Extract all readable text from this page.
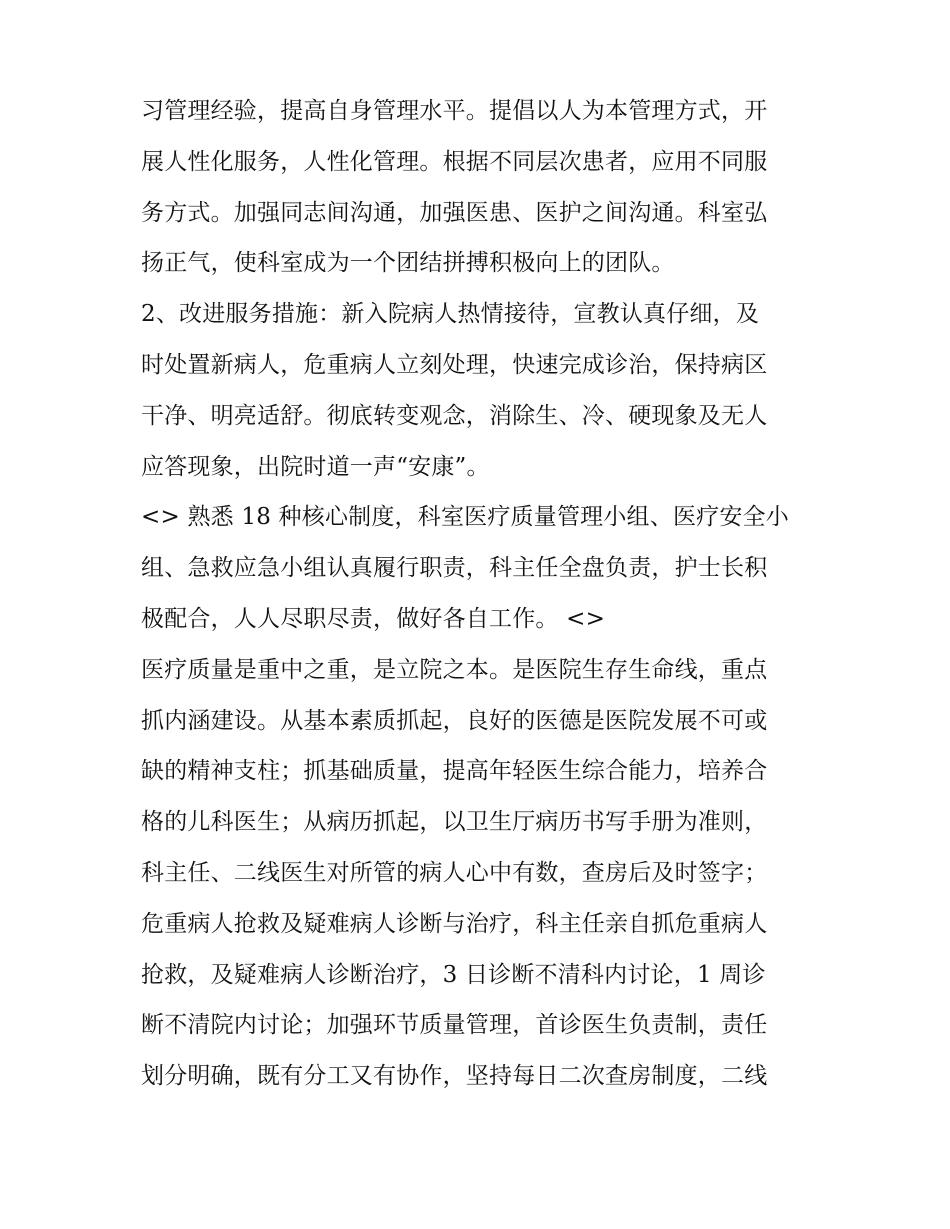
习管理经验，提高自身管理水平。提倡以人为本管理方式，开
展人性化服务，人性化管理。根据不同层次患者，应用不同服
务方式。加强同志间沟通，加强医患、医护之间沟通。科室弘
扬正气，使科室成为一个团结拼搏积极向上的团队。
2、改进服务措施：新入院病人热情接待，宣教认真仔细，及
时处置新病人，危重病人立刻处理，快速完成诊治，保持病区
干净、明亮适舒。彻底转变观念，消除生、冷、硬现象及无人
应答现象，出院时道一声“安康”。
<> 熟悉 18 种核心制度，科室医疗质量管理小组、医疗安全小
组、急救应急小组认真履行职责，科主任全盘负责，护士长积
极配合，人人尽职尽责，做好各自工作。 <>
医疗质量是重中之重，是立院之本。是医院生存生命线，重点
抓内涵建设。从基本素质抓起，良好的医德是医院发展不可或
缺的精神支柱；抓基础质量，提高年轻医生综合能力，培养合
格的儿科医生；从病历抓起，以卫生厅病历书写手册为准则，
科主任、二线医生对所管的病人心中有数，查房后及时签字；
危重病人抢救及疑难病人诊断与治疗，科主任亲自抓危重病人
抢救，及疑难病人诊断治疗，3 日诊断不清科内讨论，1 周诊
断不清院内讨论；加强环节质量管理，首诊医生负责制，责任
划分明确，既有分工又有协作，坚持每日二次查房制度，二线
